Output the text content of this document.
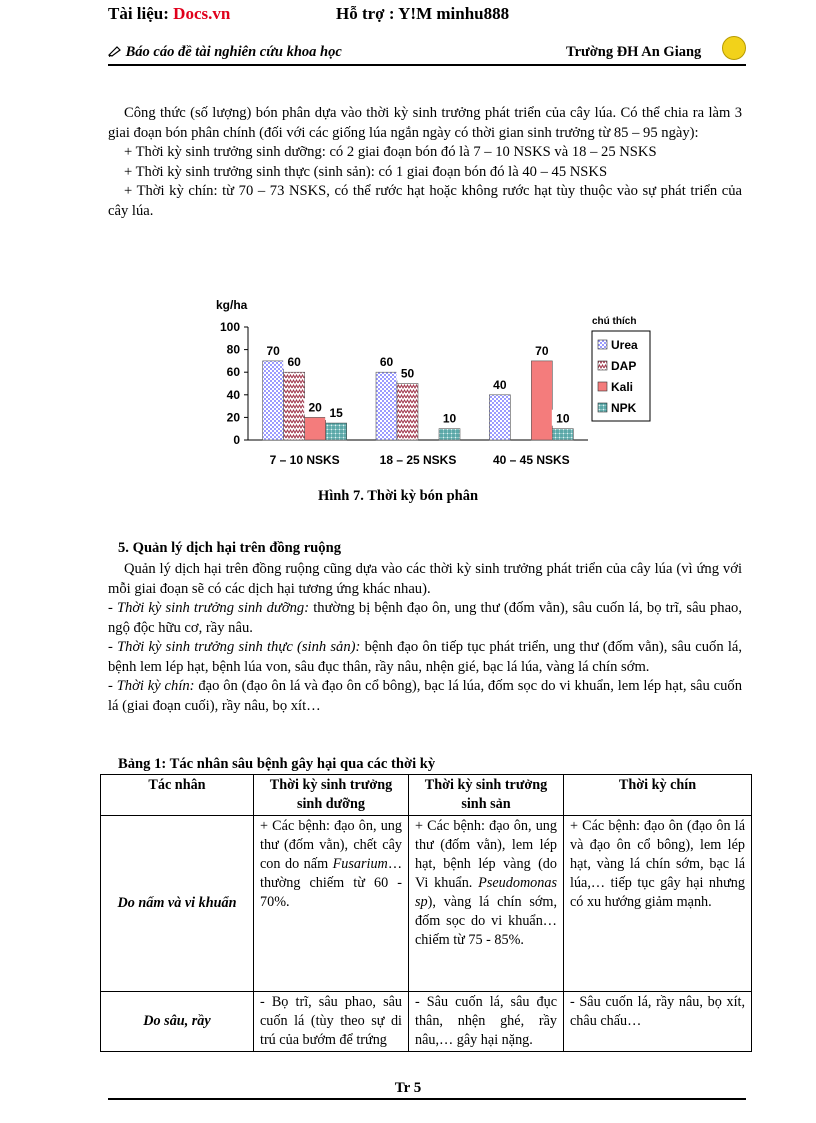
Tài liệu: Docs.vn	Hỗ trợ : Y!M minhu888
Báo cáo đề tài nghiên cứu khoa học	Trường ĐH An Giang

Công thức (số lượng) bón phân dựa vào thời kỳ sinh trưởng phát triển của cây lúa. Có thể chia ra làm 3 giai đoạn bón phân chính (đối với các giống lúa ngắn ngày có thời gian sinh trưởng từ 85 – 95 ngày):

+ Thời kỳ sinh trưởng sinh dưỡng: có 2 giai đoạn bón đó là 7 – 10 NSKS và 18 – 25 NSKS

+ Thời kỳ sinh trưởng sinh thực (sinh sản): có 1 giai đoạn bón đó là 40 – 45 NSKS

+ Thời kỳ chín: từ 70 – 73 NSKS, có thể rước hạt hoặc không rước hạt tùy thuộc vào sự phát triển của cây lúa.

kg/ha
0
20
40
60
80
100
70
60
20 15
7 – 10 NSKS
60
50
10
18 – 25 NSKS
40
70
10
40 – 45 NSKS
chú thích
Urea
DAP
Kali
NPK
Hình 7. Thời kỳ bón phân
5. Quản lý dịch hại trên đồng ruộng

Quản lý dịch hại trên đồng ruộng cũng dựa vào các thời kỳ sinh trưởng phát triển của cây lúa (vì ứng với mỗi giai đoạn sẽ có các dịch hại tương ứng khác nhau).

- Thời kỳ sinh trưởng sinh dưỡng: thường bị bệnh đạo ôn, ung thư (đốm vằn), sâu cuốn lá, bọ trĩ, sâu phao, ngộ độc hữu cơ, rầy nâu.

- Thời kỳ sinh trưởng sinh thực (sinh sản): bệnh đạo ôn tiếp tục phát triển, ung thư (đốm vằn), sâu cuốn lá, bệnh lem lép hạt, bệnh lúa von, sâu đục thân, rầy nâu, nhện gié, bạc lá lúa, vàng lá chín sớm.

- Thời kỳ chín: đạo ôn (đạo ôn lá và đạo ôn cổ bông), bạc lá lúa, đốm sọc do vi khuẩn, lem lép hạt, sâu cuốn lá (giai đoạn cuối), rầy nâu, bọ xít…

Bảng 1: Tác nhân sâu bệnh gây hại qua các thời kỳ
Tác nhân	Thời kỳ sinh trưởng sinh dưỡng	Thời kỳ sinh trưởng sinh sản	Thời kỳ chín
Do nấm và vi khuẩn	+ Các bệnh: đạo ôn, ung thư (đốm vằn), chết cây con do nấm Fusarium… thường chiếm từ 60 - 70%.	+ Các bệnh: đạo ôn, ung thư (đốm vằn), lem lép hạt, bệnh lép vàng (do Vi khuẩn. Pseudomonas sp), vàng lá chín sớm, đốm sọc do vi khuẩn… chiếm từ 75 - 85%.	+ Các bệnh: đạo ôn (đạo ôn lá và đạo ôn cổ bông), lem lép hạt, vàng lá chín sớm, bạc lá lúa,… tiếp tục gây hại nhưng có xu hướng giảm mạnh.
Do sâu, rầy	- Bọ trĩ, sâu phao, sâu cuốn lá (tùy theo sự di trú của bướm để trứng	- Sâu cuốn lá, sâu đục thân, nhện ghé, rầy nâu,… gây hại nặng.	- Sâu cuốn lá, rầy nâu, bọ xít, châu chấu…
Tr 5
